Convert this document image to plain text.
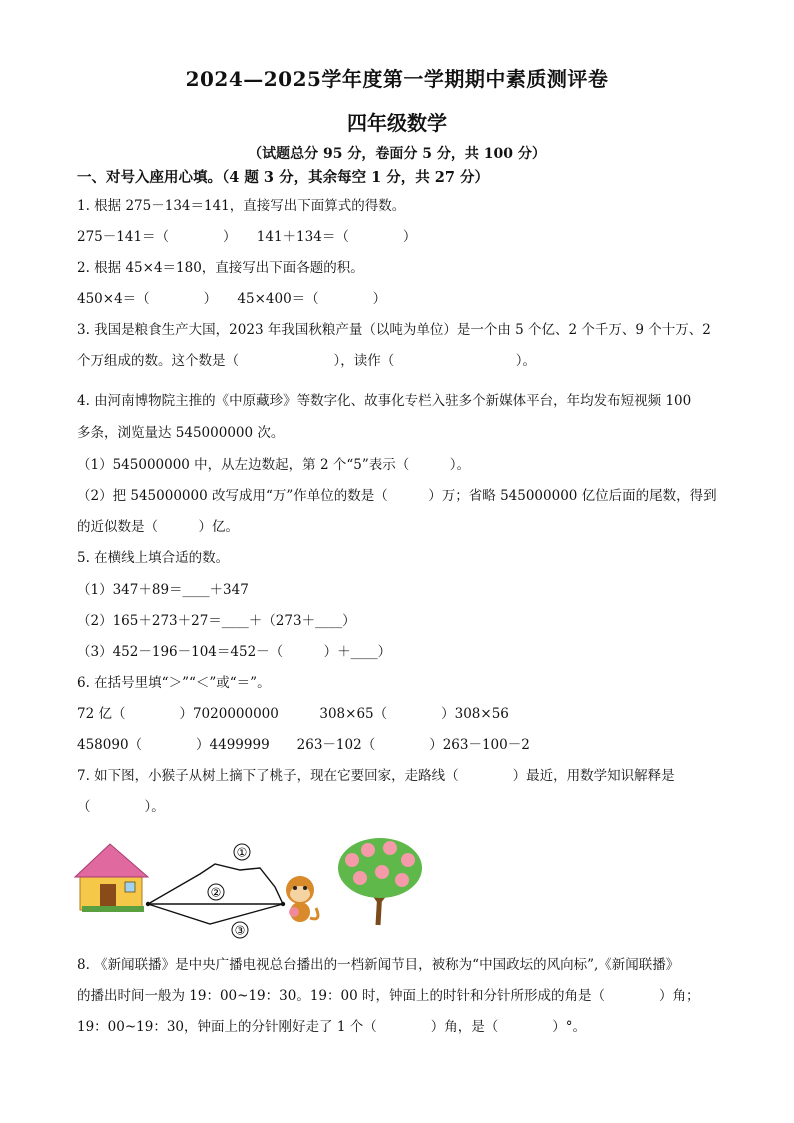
2024—2025学年度第一学期期中素质测评卷
四年级数学
（试题总分 95 分，卷面分 5 分，共 100 分）
一、对号入座用心填。（4 题 3 分，其余每空 1 分，共 27 分）
1. 根据 275－134＝141，直接写出下面算式的得数。
275－141＝（　　　　）　　141＋134＝（　　　　）
2. 根据 45×4＝180，直接写出下面各题的积。
450×4＝（　　　　）　　45×400＝（　　　　）
3. 我国是粮食生产大国，2023 年我国秋粮产量（以吨为单位）是一个由 5 个亿、2 个千万、9 个十万、2
个万组成的数。这个数是（　　　　　　　），读作（　　　　　　　　　）。
4. 由河南博物院主推的《中原藏珍》等数字化、故事化专栏入驻多个新媒体平台，年均发布短视频 100
多条，浏览量达 545000000 次。
（1）545000000 中，从左边数起，第 2 个“5”表示（　　　）。
（2）把 545000000 改写成用“万”作单位的数是（　　　）万；省略 545000000 亿位后面的尾数，得到
的近似数是（　　　）亿。
5. 在横线上填合适的数。
（1）347＋89＝____＋347
（2）165＋273＋27＝____＋（273＋____）
（3）452－196－104＝452－（　　　）＋____）
6. 在括号里填“＞”“＜”或“＝”。
72 亿（　　　　）7020000000　　　308×65（　　　　）308×56
458090（　　　　）4499999　　263－102（　　　　）263－100－2
7. 如下图，小猴子从树上摘下了桃子，现在它要回家，走路线（　　　　）最近，用数学知识解释是
（　　　　）。
①
②
③
8. 《新闻联播》是中央广播电视总台播出的一档新闻节目，被称为“中国政坛的风向标”,《新闻联播》
的播出时间一般为 19：00~19：30。19：00 时，钟面上的时针和分针所形成的角是（　　　　）角；
19：00~19：30，钟面上的分针刚好走了 1 个（　　　　）角，是（　　　　）°。
